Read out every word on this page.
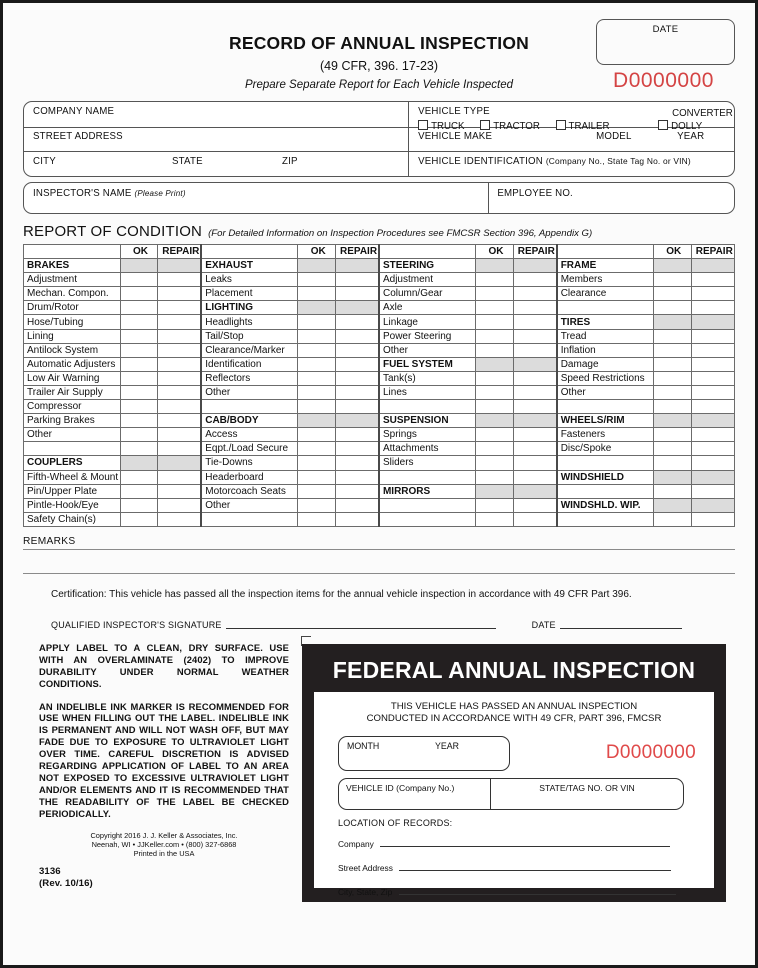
RECORD OF ANNUAL INSPECTION
(49 CFR, 396. 17-23)
Prepare Separate Report for Each Vehicle Inspected
DATE
D0000000
COMPANY NAME
STREET ADDRESS
CITY	STATE	ZIP
VEHICLE TYPE
TRUCK	TRACTOR	TRAILER
CONVERTER
DOLLY
VEHICLE MAKE	MODEL	YEAR
VEHICLE IDENTIFICATION (Company No., State Tag No. or VIN)
INSPECTOR'S NAME (Please Print)	EMPLOYEE NO.
REPORT OF CONDITION (For Detailed Information on Inspection Procedures see FMCSR Section 396, Appendix G)
	OK	REPAIR		OK	REPAIR		OK	REPAIR		OK	REPAIR
BRAKES			EXHAUST			STEERING			FRAME		
Adjustment			Leaks			Adjustment			Members		
Mechan. Compon.			Placement			Column/Gear			Clearance		
Drum/Rotor			LIGHTING			Axle					
Hose/Tubing			Headlights			Linkage			TIRES		
Lining			Tail/Stop			Power Steering			Tread		
Antilock System			Clearance/Marker			Other			Inflation		
Automatic Adjusters			Identification			FUEL SYSTEM			Damage		
Low Air Warning			Reflectors			Tank(s)			Speed Restrictions		
Trailer Air Supply			Other			Lines			Other		
Compressor											
Parking Brakes			CAB/BODY			SUSPENSION			WHEELS/RIM		
Other			Access			Springs			Fasteners		
			Eqpt./Load Secure			Attachments			Disc/Spoke		
COUPLERS			Tie-Downs			Sliders					
Fifth-Wheel & Mount			Headerboard						WINDSHIELD		
Pin/Upper Plate			Motorcoach Seats			MIRRORS					
Pintle-Hook/Eye			Other						WINDSHLD. WIP.		
Safety Chain(s)											
REMARKS
Certification: This vehicle has passed all the inspection items for the annual vehicle inspection in accordance with 49 CFR Part 396.
QUALIFIED INSPECTOR'S SIGNATURE	DATE

APPLY LABEL TO A CLEAN, DRY SURFACE. USE WITH AN OVERLAMINATE (2402) TO IMPROVE DURABILITY UNDER NORMAL WEATHER CONDITIONS.

AN INDELIBLE INK MARKER IS RECOMMENDED FOR USE WHEN FILLING OUT THE LABEL. INDELIBLE INK IS PERMANENT AND WILL NOT WASH OFF, BUT MAY FADE DUE TO EXPOSURE TO ULTRAVIOLET LIGHT OVER TIME. CAREFUL DISCRETION IS ADVISED REGARDING APPLICATION OF LABEL TO AN AREA NOT EXPOSED TO EXCESSIVE ULTRAVIOLET LIGHT AND/OR ELEMENTS AND IT IS RECOMMENDED THAT THE READABILITY OF THE LABEL BE CHECKED PERIODICALLY.

Copyright 2016 J. J. Keller & Associates, Inc.
Neenah, WI • JJKeller.com • (800) 327-6868
Printed in the USA
3136
(Rev. 10/16)
FEDERAL ANNUAL INSPECTION
THIS VEHICLE HAS PASSED AN ANNUAL INSPECTION
CONDUCTED IN ACCORDANCE WITH 49 CFR, PART 396, FMCSR
MONTH	YEAR	D0000000
VEHICLE ID (Company No.)	STATE/TAG NO. OR VIN
LOCATION OF RECORDS:
Company
Street Address
City, State, Zip
